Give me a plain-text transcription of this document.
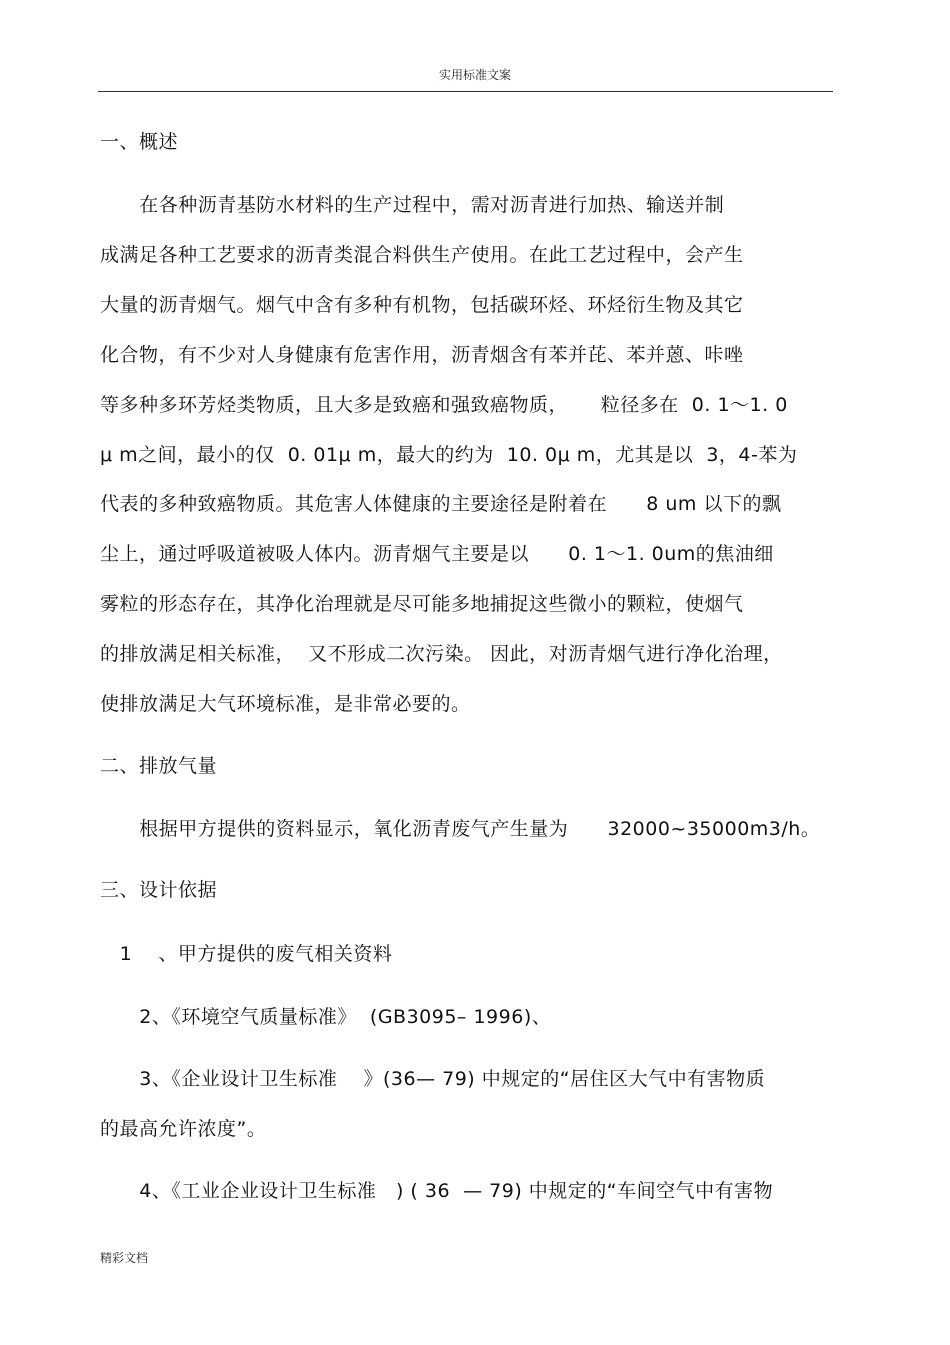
实用标准文案
一、概述
在各种沥青基防水材料的生产过程中，需对沥青进行加热、输送并制
成满足各种工艺要求的沥青类混合料供生产使用。在此工艺过程中，会产生
大量的沥青烟气。烟气中含有多种有机物，包括碳环烃、环烃衍生物及其它
化合物，有不少对人身健康有危害作用，沥青烟含有苯并芘、苯并蒽、咔唑
等多种多环芳烃类物质，且大多是致癌和强致癌物质，     粒径多在  0. 1～1. 0
μ m之间，最小的仅  0. 01μ m，最大的约为  10. 0μ m，尤其是以  3，4-苯为
代表的多种致癌物质。其危害人体健康的主要途径是附着在      8 um 以下的飘
尘上，通过呼吸道被吸人体内。沥青烟气主要是以      0. 1～1. 0um的焦油细
雾粒的形态存在，其净化治理就是尽可能多地捕捉这些微小的颗粒，使烟气
的排放满足相关标准，  又不形成二次污染。 因此，对沥青烟气进行净化治理，
使排放满足大气环境标准，是非常必要的。
二、排放气量
根据甲方提供的资料显示，氧化沥青废气产生量为      32000~35000m3/h。
三、设计依据
1    、甲方提供的废气相关资料
2、《环境空气质量标准》  (GB3095– 1996)、
3、《企业设计卫生标准    》(36— 79) 中规定的“居住区大气中有害物质
的最高允许浓度”。
4、《工业企业设计卫生标准   ) ( 36  — 79) 中规定的“车间空气中有害物
精彩文档
